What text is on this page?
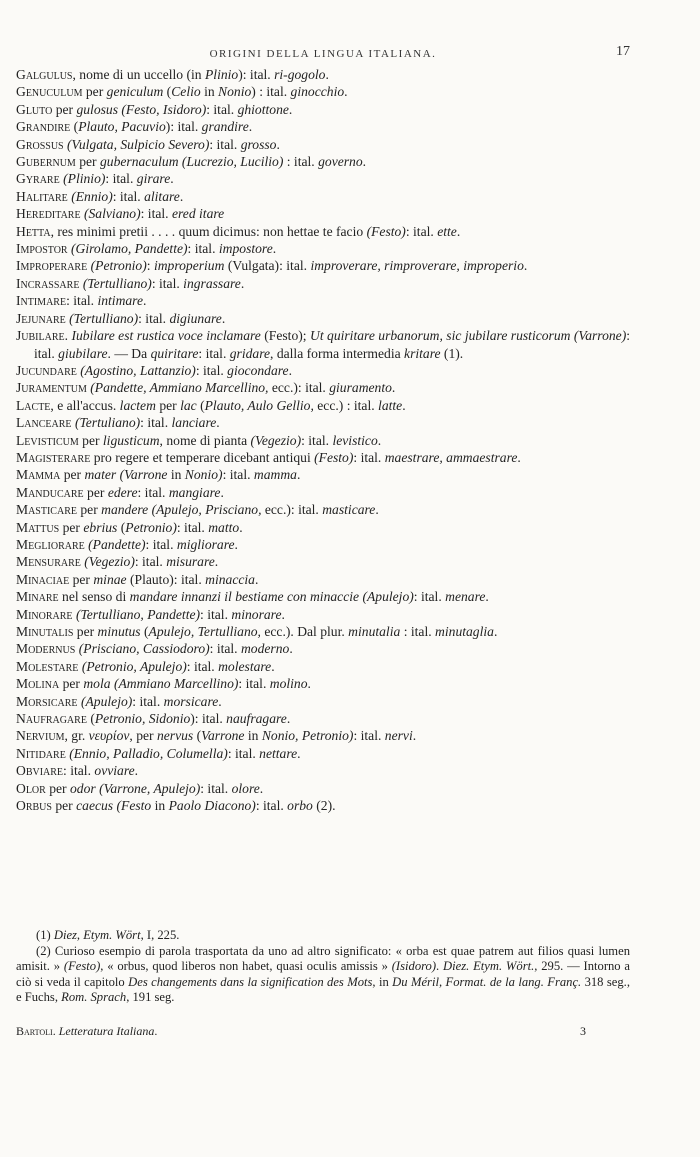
ORIGINI DELLA LINGUA ITALIANA.	17
Galgulus, nome di un uccello (in Plinio): ital. ri-gogolo.
Genuculum per geniculum (Celio in Nonio) : ital. ginocchio.
Gluto per gulosus (Festo, Isidoro): ital. ghiottone.
Grandire (Plauto, Pacuvio): ital. grandire.
Grossus (Vulgata, Sulpicio Severo): ital. grosso.
Gubernum per gubernaculum (Lucrezio, Lucilio) : ital. governo.
Gyrare (Plinio): ital. girare.
Halitare (Ennio): ital. alitare.
Hereditare (Salviano): ital. ered itare
Hetta, res minimi pretii . . . . quum dicimus: non hettae te facio (Festo): ital. ette.
Impostor (Girolamo, Pandette): ital. impostore.
Improperare (Petronio): improperium (Vulgata): ital. improverare, rimproverare, improperio.
Incrassare (Tertulliano): ital. ingrassare.
Intimare: ital. intimare.
Jejunare (Tertulliano): ital. digiunare.
Jubilare. Iubilare est rustica voce inclamare (Festo); Ut quiritare urbanorum, sic jubilare rusticorum (Varrone): ital. giubilare. — Da quiritare: ital. gridare, dalla forma intermedia kritare (1).
Jucundare (Agostino, Lattanzio): ital. giocondare.
Juramentum (Pandette, Ammiano Marcellino, ecc.): ital. giuramento.
Lacte, e all'accus. lactem per lac (Plauto, Aulo Gellio, ecc.) : ital. latte.
Lanceare (Tertuliano): ital. lanciare.
Levisticum per ligusticum, nome di pianta (Vegezio): ital. levistico.
Magisterare pro regere et temperare dicebant antiqui (Festo): ital. maestrare, ammaestrare.
Mamma per mater (Varrone in Nonio): ital. mamma.
Manducare per edere: ital. mangiare.
Masticare per mandere (Apulejo, Prisciano, ecc.): ital. masticare.
Mattus per ebrius (Petronio): ital. matto.
Megliorare (Pandette): ital. migliorare.
Mensurare (Vegezio): ital. misurare.
Minaciae per minae (Plauto): ital. minaccia.
Minare nel senso di mandare innanzi il bestiame con minaccie (Apulejo): ital. menare.
Minorare (Tertulliano, Pandette): ital. minorare.
Minutalis per minutus (Apulejo, Tertulliano, ecc.). Dal plur. minutalia : ital. minutaglia.
Modernus (Prisciano, Cassiodoro): ital. moderno.
Molestare (Petronio, Apulejo): ital. molestare.
Molina per mola (Ammiano Marcellino): ital. molino.
Morsicare (Apulejo): ital. morsicare.
Naufragare (Petronio, Sidonio): ital. naufragare.
Nervium, gr. νευρίον, per nervus (Varrone in Nonio, Petronio): ital. nervi.
Nitidare (Ennio, Palladio, Columella): ital. nettare.
Obviare: ital. ovviare.
Olor per odor (Varrone, Apulejo): ital. olore.
Orbus per caecus (Festo in Paolo Diacono): ital. orbo (2).
(1) Diez, Etym. Wört, I, 225.
(2) Curioso esempio di parola trasportata da uno ad altro significato: « orba est quae patrem aut filios quasi lumen amisit. » (Festo), « orbus, quod liberos non habet, quasi oculis amissis » (Isidoro). Diez. Etym. Wört., 295. — Intorno a ciò si veda il capitolo Des changements dans la signification des Mots, in Du Méril, Format. de la lang. Franç. 318 seg., e Fuchs, Rom. Sprach, 191 seg.
Bartoli. Letteratura Italiana.	3
